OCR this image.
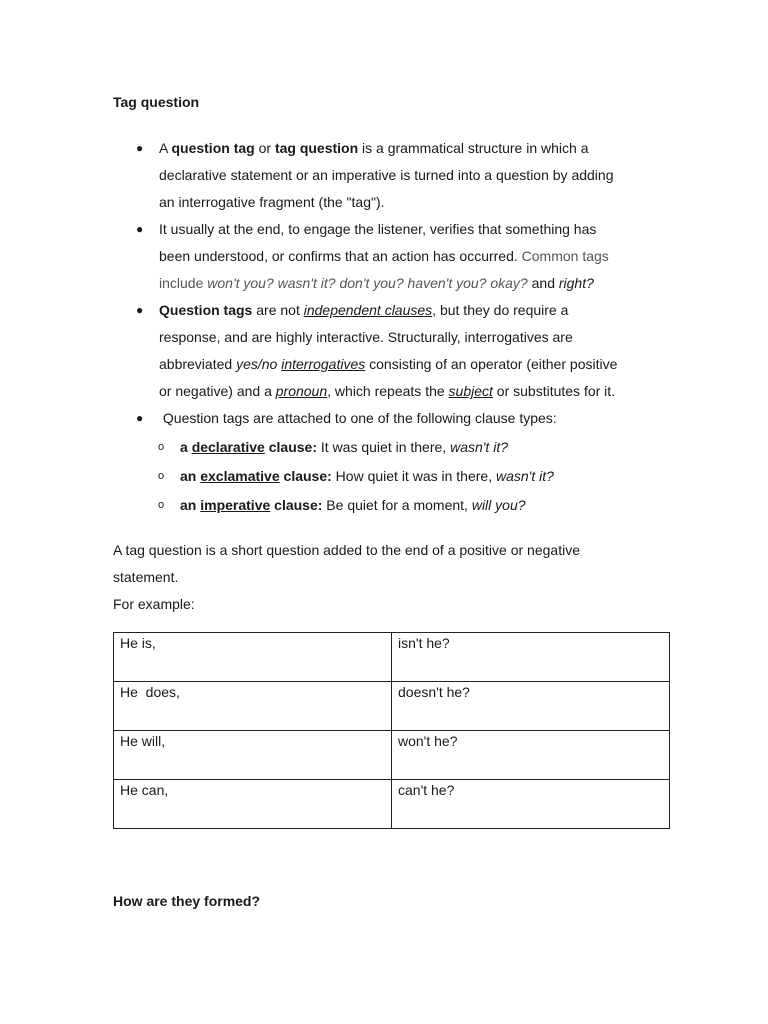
Tag question
● A question tag or tag question is a grammatical structure in which a
declarative statement or an imperative is turned into a question by adding
an interrogative fragment (the "tag").
● It usually at the end, to engage the listener, verifies that something has
been understood, or confirms that an action has occurred. Common tags
include won't you? wasn't it? don't you? haven't you? okay? and right?
● Question tags are not independent clauses, but they do require a
response, and are highly interactive. Structurally, interrogatives are
abbreviated yes/no interrogatives consisting of an operator (either positive
or negative) and a pronoun, which repeats the subject or substitutes for it.
● Question tags are attached to one of the following clause types:
o a declarative clause: It was quiet in there, wasn't it?
o an exclamative clause: How quiet it was in there, wasn't it?
o an imperative clause: Be quiet for a moment, will you?
A tag question is a short question added to the end of a positive or negative
statement.
For example:
He is,	isn't he?
He  does,	doesn't he?
He will,	won't he?
He can,	can't he?
How are they formed?
